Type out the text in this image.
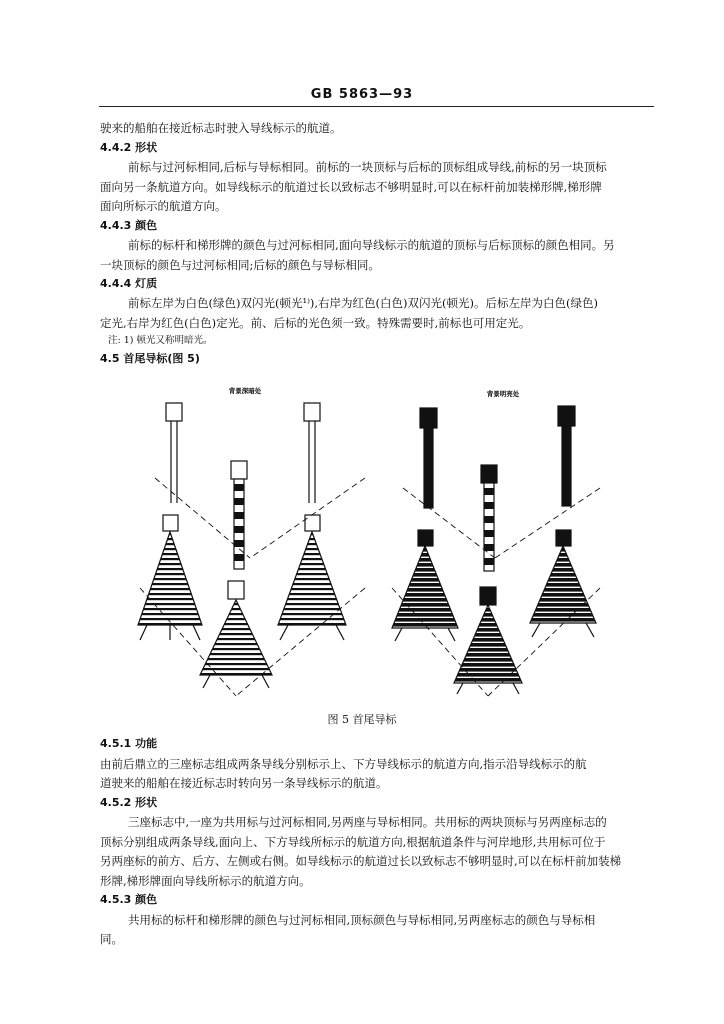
GB 5863—93
驶来的船舶在接近标志时驶入导线标示的航道。
4.4.2 形状
前标与过河标相同,后标与导标相同。前标的一块顶标与后标的顶标组成导线,前标的另一块顶标
面向另一条航道方向。如导线标示的航道过长以致标志不够明显时,可以在标杆前加装梯形牌,梯形牌
面向所标示的航道方向。
4.4.3 颜色
前标的标杆和梯形牌的颜色与过河标相同,面向导线标示的航道的顶标与后标顶标的颜色相同。另
一块顶标的颜色与过河标相同;后标的颜色与导标相同。
4.4.4 灯质
前标左岸为白色(绿色)双闪光(顿光¹⁾),右岸为红色(白色)双闪光(顿光)。后标左岸为白色(绿色)
定光,右岸为红色(白色)定光。前、后标的光色须一致。特殊需要时,前标也可用定光。
注: 1) 顿光又称明暗光。
4.5 首尾导标(图 5)
背景深暗处	背景明亮处
图 5 首尾导标
4.5.1 功能
由前后鼎立的三座标志组成两条导线分别标示上、下方导线标示的航道方向,指示沿导线标示的航
道驶来的船舶在接近标志时转向另一条导线标示的航道。
4.5.2 形状
三座标志中,一座为共用标与过河标相同,另两座与导标相同。共用标的两块顶标与另两座标志的
顶标分别组成两条导线,面向上、下方导线所标示的航道方向,根据航道条件与河岸地形,共用标可位于
另两座标的前方、后方、左侧或右侧。如导线标示的航道过长以致标志不够明显时,可以在标杆前加装梯
形牌,梯形牌面向导线所标示的航道方向。
4.5.3 颜色
共用标的标杆和梯形牌的颜色与过河标相同,顶标颜色与导标相同,另两座标志的颜色与导标相
同。
